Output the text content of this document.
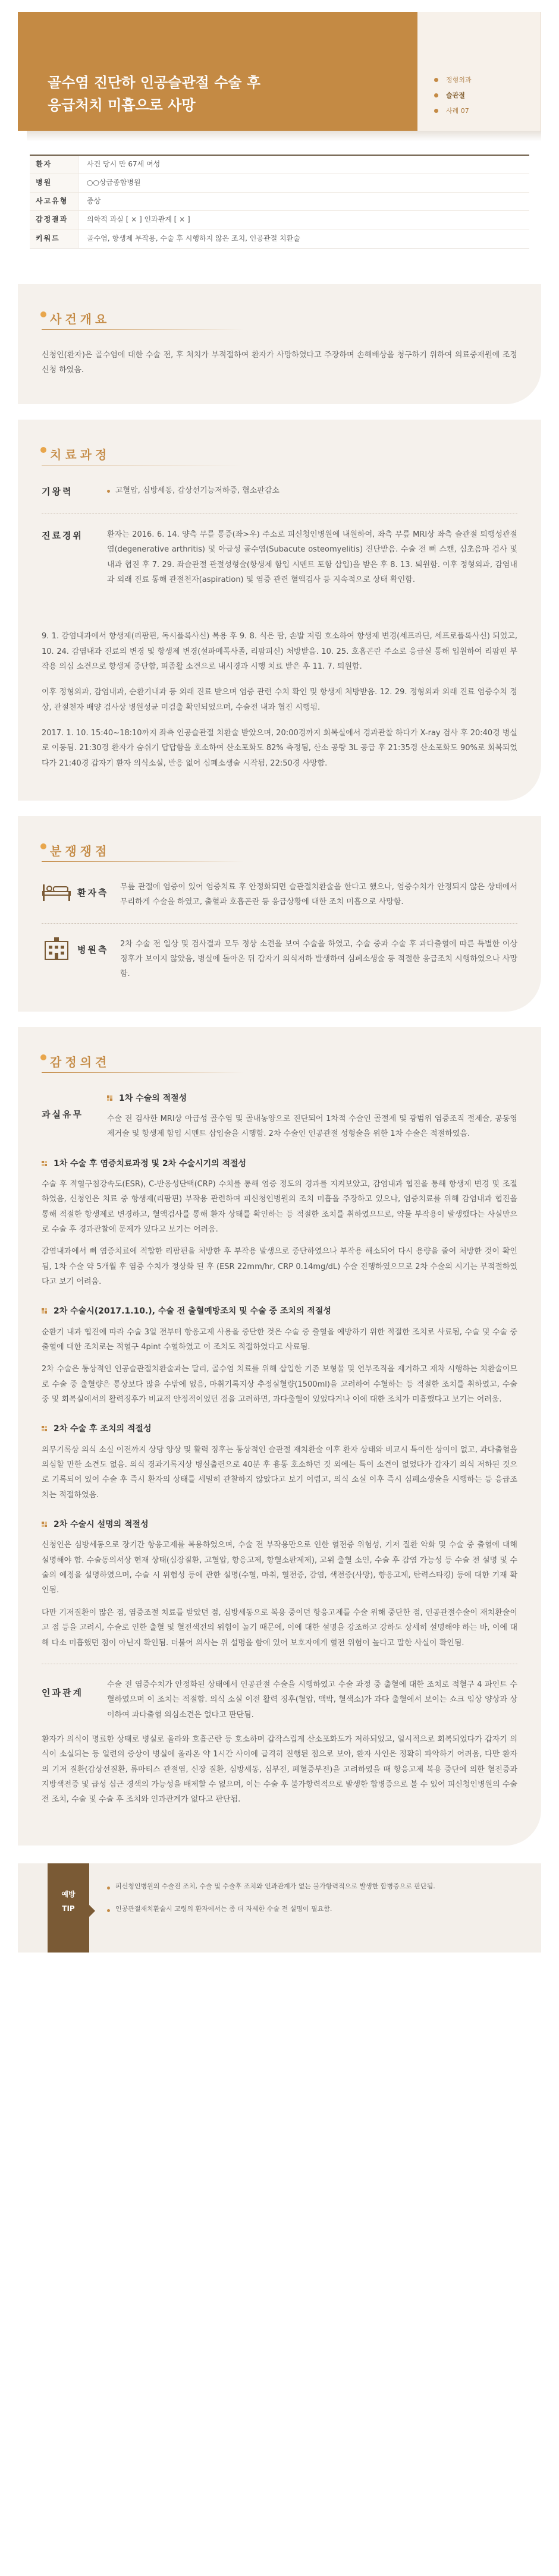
골수염 진단하 인공슬관절 수술 후
응급처치 미흡으로 사망
정형외과
슬관절
사례 07
환자	사건 당시 만 67세 여성
병원	○○상급종합병원
사고유형	증상
감정결과	의학적 과실 [ × ] 인과관계 [ × ]
키워드	골수염, 항생제 부작용, 수술 후 시행하지 않은 조치, 인공관절 치환술
사건개요

신청인(환자)은 골수염에 대한 수술 전, 후 처치가 부적절하여 환자가 사망하였다고 주장하며 손해배상을 청구하기 위하여 의료중재원에 조정신청 하였음.

치료과정
기왕력	고혈압, 심방세동, 갑상선기능저하증, 협소판감소
진료경위	환자는 2016. 6. 14. 양측 무릎 통증(좌>우) 주소로 피신청인병원에 내원하여, 좌측 무릎 MRI상 좌측 슬관절 퇴행성관절염(degenerative arthritis) 및 아급성 골수염(Subacute osteomyelitis) 진단받음. 수술 전 뼈 스캔, 심초음파 검사 및 내과 협진 후 7. 29. 좌슬관절 관절성형술(항생제 함입 시멘트 포함 삽입)을 받은 후 8. 13. 퇴원함. 이후 정형외과, 감염내과 외래 진료 통해 관절천자(aspiration) 및 염증 관련 혈액검사 등 지속적으로 상태 확인함.

9. 1. 감염내과에서 항생제(리팜핀, 독시플록사신) 복용 후 9. 8. 식은 땀, 손발 저림 호소하여 항생제 변경(세프라딘, 세프로플록사신) 되었고, 10. 24. 감염내과 진료의 변경 및 항생제 변경(설파메톡사졸, 리팜피신) 처방받음. 10. 25. 호흡곤란 주소로 응급실 통해 입원하여 리팜핀 부작용 의심 소견으로 항생제 중단함, 피좀활 소견으로 내시경과 시행 치료 받은 후 11. 7. 퇴원함.

이후 정형외과, 감염내과, 순환기내과 등 외래 진료 받으며 염증 관련 수치 확인 및 항생제 처방받음. 12. 29. 정형외과 외래 진료 염증수치 정상, 관절천자 배양 검사상 병원성균 미검출 확인되었으며, 수술전 내과 협진 시행됨.

2017. 1. 10. 15:40~18:10까지 좌측 인공슬관절 치환술 받았으며, 20:00경까지 회복실에서 경과관찰 하다가 X-ray 검사 후 20:40경 병실로 이동됨. 21:30경 환자가 숨쉬기 답답함을 호소하여 산소포화도 82% 측정됨, 산소 공량 3L 공급 후 21:35경 산소포화도 90%로 회복되었다가 21:40경 갑자기 환자 의식소실, 반응 없어 심폐소생술 시작됨, 22:50경 사망함.

분쟁쟁점
환자측

무릎 관절에 염증이 있어 염증치료 후 안정화되면 슬관절치환술을 한다고 했으나, 염증수치가 안정되지 않은 상태에서 무리하게 수술을 하였고, 출혈과 호흡곤란 등 응급상황에 대한 조치 미흡으로 사망함.

병원측

2차 수술 전 일상 및 검사결과 모두 정상 소견을 보여 수술을 하였고, 수술 중과 수술 후 과다출혈에 따른 특별한 이상 징후가 보이지 않았음, 병실에 돌아온 뒤 갑자기 의식저하 발생하여 심폐소생술 등 적절한 응급조치 시행하였으나 사망함.

감정의견
과실유무
1차 수술의 적절성

수술 전 검사한 MRI상 아급성 골수염 및 골내농양으로 진단되어 1차적 수술인 골절제 및 광범위 염증조직 절제술, 공동영 제거술 및 항생제 함입 시멘트 삽입술을 시행함. 2차 수술인 인공관절 성형술을 위한 1차 수술은 적절하였음.

1차 수술 후 염증치료과정 및 2차 수술시기의 적절성

수술 후 적혈구침강속도(ESR), C-반응성단백(CRP) 수치를 통해 염증 정도의 경과를 지켜보았고, 감염내과 협진을 통해 항생제 변경 및 조절하였음, 신청인은 치료 중 항생제(리팜핀) 부작용 관련하여 피신청인병원의 조치 미흡을 주장하고 있으나, 염증치료를 위해 감염내과 협진을 통해 적절한 항생제로 변경하고, 혈액검사를 통해 환자 상태를 확인하는 등 적절한 조치를 취하였으므로, 약물 부작용이 발생했다는 사실만으로 수술 후 경과관찰에 문제가 있다고 보기는 어려움.

감염내과에서 뼈 염증치료에 적합한 리팜핀을 처방한 후 부작용 발생으로 중단하였으나 부작용 해소되어 다시 용량을 줄여 처방한 것이 확인됨, 1차 수술 약 5개월 후 염증 수치가 정상화 된 후 (ESR 22mm/hr, CRP 0.14mg/dL) 수술 진행하였으므로 2차 수술의 시기는 부적절하였다고 보기 어려움.

2차 수술시(2017.1.10.), 수술 전 출혈예방조치 및 수술 중 조치의 적절성

순환기 내과 협진에 따라 수술 3일 전부터 항응고제 사용을 중단한 것은 수술 중 출혈을 예방하기 위한 적절한 조치로 사료됨, 수술 및 수술 중 출혈에 대한 조치로는 적혈구 4pint 수혈하였고 이 조치도 적절하였다고 사료됨.

2차 수술은 통상적인 인공슬관절치환술과는 달리, 골수염 치료를 위해 삽입한 기존 보형물 및 연부조직을 제거하고 재차 시행하는 치환술이므로 수술 중 출혈량은 통상보다 많을 수밖에 없음, 마취기록지상 추정실혈량(1500ml)을 고려하여 수혈하는 등 적절한 조치를 취하였고, 수술 중 및 회복실에서의 활력징후가 비교적 안정적이었던 점을 고려하면, 과다출혈이 있었다거나 이에 대한 조치가 미흡했다고 보기는 어려움.

2차 수술 후 조치의 적절성

의무기록상 의식 소실 이전까지 상당 양상 및 활력 징후는 통상적인 슬관절 재치환술 이후 환자 상태와 비교시 특이한 상이이 없고, 과다출혈을 의심할 만한 소견도 없음. 의식 경과기록지상 병실출련으로 40분 후 흉통 호소하던 것 외에는 특이 소견이 없었다가 갑자기 의식 저하된 것으로 기록되어 있어 수술 후 즉시 환자의 상태를 세밀히 관찰하지 않았다고 보기 어렵고, 의식 소실 이후 즉시 심폐소생술을 시행하는 등 응급조치는 적절하였음.

2차 수술시 설명의 적절성

신청인은 심방세동으로 장기간 항응고제를 복용하였으며, 수술 전 부작용만으로 인한 혈전증 위험성, 기저 질환 악화 및 수술 중 출혈에 대해 설명해야 함. 수술동의서상 현재 상태(심장질환, 고혈압, 항응고제, 항혈소판제제), 고위 출혈 소인, 수술 후 감염 가능성 등 수술 전 설명 및 수술의 예정을 설명하였으며, 수술 시 위험성 등에 관한 설명(수혈, 마취, 혈전증, 감염, 색전증(사망), 향응고제, 탄력스타킹) 등에 대한 기재 확인됨.

다만 기저질환이 많은 점, 염증조절 치료를 받았던 점, 심방세동으로 복용 중이던 항응고제를 수술 위해 중단한 점, 인공관절수술이 재치환술이고 점 등을 고려시, 수술로 인한 출혈 및 혈전색전의 위험이 높기 때문에, 이에 대한 설명을 강조하고 강하도 상세히 설명해야 하는 바, 이에 대해 다소 미흡했던 점이 아닌지 확인됨. 더불어 의사는 위 설명을 함에 있어 보호자에게 혈전 위험이 높다고 말한 사실이 확인됨.

인과관계

수술 전 염증수치가 안정화된 상태에서 인공관절 수술을 시행하였고 수술 과정 중 출혈에 대한 조치로 적혈구 4 파인트 수혈하였으며 이 조치는 적절함. 의식 소실 이전 활력 징후(혈압, 맥박, 혈색소)가 과다 출혈에서 보이는 쇼크 임상 양상과 상이하여 과다출혈 의심소견은 없다고 판단됨.

환자가 의식이 명료한 상태로 병실로 올라와 호흡곤란 등 호소하며 갑작스럽게 산소포화도가 저하되었고, 일시적으로 회복되었다가 갑자기 의식이 소실되는 등 일련의 증상이 병실에 올라온 약 1시간 사이에 급격히 진행된 점으로 보아, 환자 사인은 정확히 파악하기 어려움, 다만 환자의 기저 질환(갑상선질환, 류마티스 관절염, 신장 질환, 심방세동, 심부전, 폐혈증부전)을 고려하였을 때 항응고제 복용 중단에 의한 혈전증과 지방색전증 및 급성 심근 경색의 가능성을 배제할 수 없으며, 이는 수술 후 불가항력적으로 발생한 합병증으로 볼 수 있어 피신청인병원의 수술 전 조치, 수술 및 수술 후 조치와 인과관계가 없다고 판단됨.

예방
TIP

피신청인병원의 수술전 조치, 수술 및 수술후 조치와 인과관계가 없는 불가항력적으로 발생한 합병증으로 판단됨.

인공관절재치환술시 고령의 환자에서는 좀 더 자세한 수술 전 설명이 필요함.
